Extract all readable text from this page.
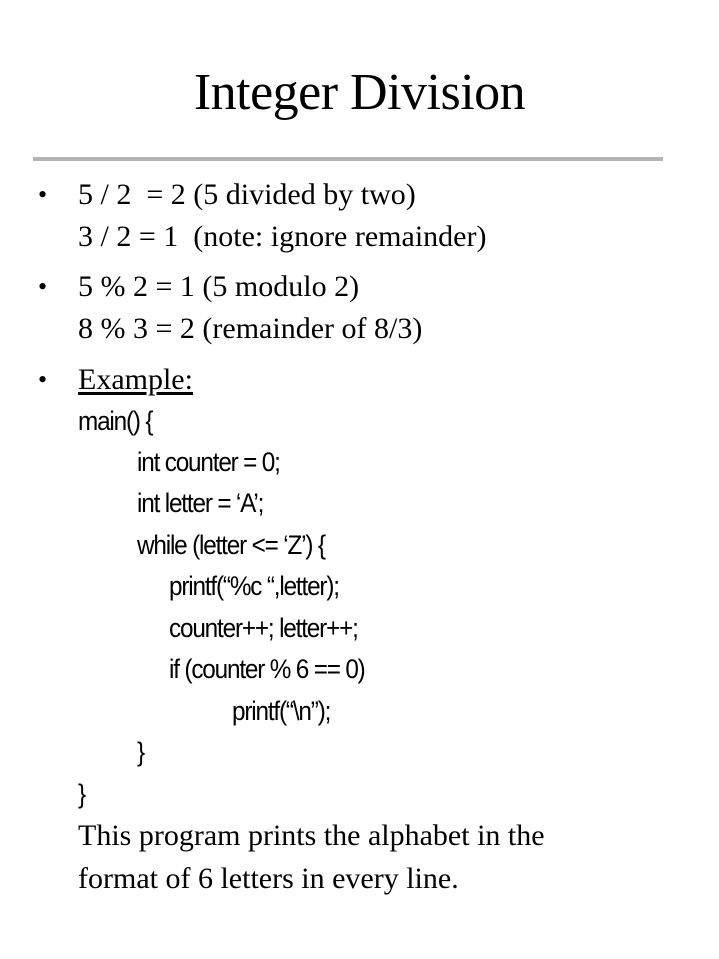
Integer Division
• 5 / 2  = 2 (5 divided by two)
3 / 2 = 1  (note: ignore remainder)
• 5 % 2 = 1 (5 modulo 2)
8 % 3 = 2 (remainder of 8/3)
• Example:
main() {
int counter = 0;
int letter = ‘A’;
while (letter <= ‘Z’) {
printf(“%c “,letter);
counter++; letter++;
if (counter % 6 == 0)
printf(“\n”);
}
}
This program prints the alphabet in the
format of 6 letters in every line.
